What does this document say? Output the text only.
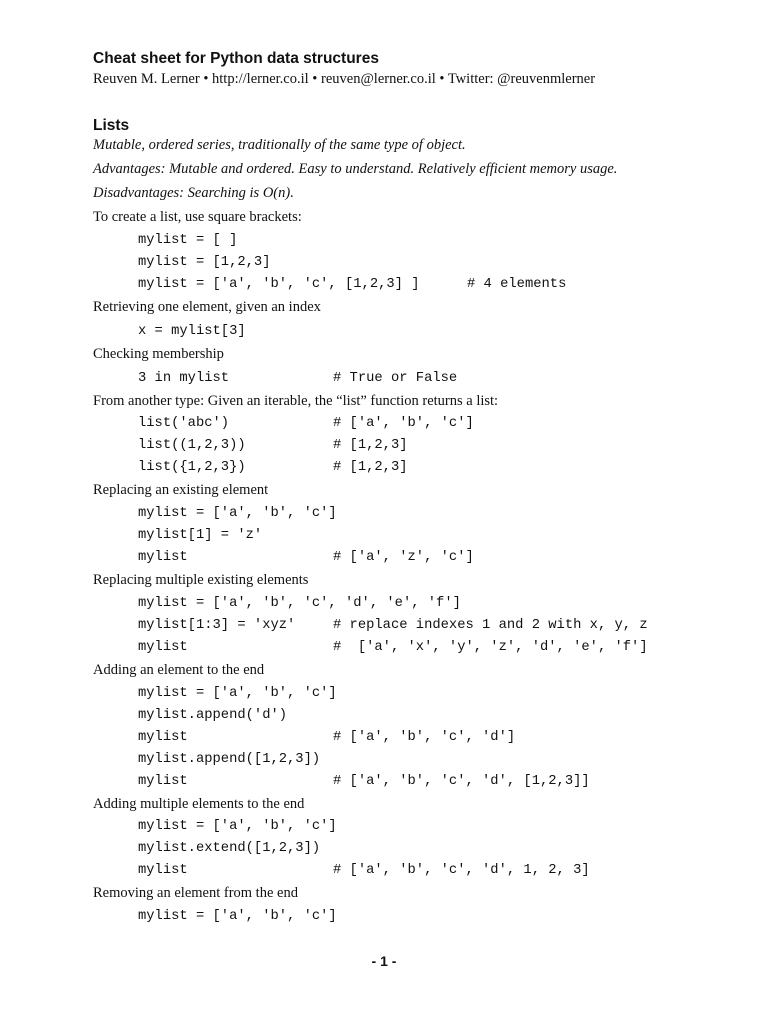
Cheat sheet for Python data structures

Reuven M. Lerner • http://lerner.co.il • reuven@lerner.co.il • Twitter: @reuvenmlerner

Lists
Mutable, ordered series, traditionally of the same type of object.
Advantages: Mutable and ordered. Easy to understand. Relatively efficient memory usage.
Disadvantages: Searching is O(n).
To create a list, use square brackets:
mylist = [ ]
mylist = [1,2,3]
mylist = ['a', 'b', 'c', [1,2,3] ]	# 4 elements
Retrieving one element, given an index
x = mylist[3]
Checking membership
3 in mylist	# True or False
From another type: Given an iterable, the “list” function returns a list:
list('abc')	# ['a', 'b', 'c']
list((1,2,3))	# [1,2,3]
list({1,2,3})	# [1,2,3]
Replacing an existing element
mylist = ['a', 'b', 'c']
mylist[1] = 'z'
mylist	# ['a', 'z', 'c']
Replacing multiple existing elements
mylist = ['a', 'b', 'c', 'd', 'e', 'f']
mylist[1:3] = 'xyz'	# replace indexes 1 and 2 with x, y, z
mylist	#  ['a', 'x', 'y', 'z', 'd', 'e', 'f']
Adding an element to the end
mylist = ['a', 'b', 'c']
mylist.append('d')
mylist	# ['a', 'b', 'c', 'd']
mylist.append([1,2,3])
mylist	# ['a', 'b', 'c', 'd', [1,2,3]]
Adding multiple elements to the end
mylist = ['a', 'b', 'c']
mylist.extend([1,2,3])
mylist	# ['a', 'b', 'c', 'd', 1, 2, 3]
Removing an element from the end
mylist = ['a', 'b', 'c']
- 1 -
